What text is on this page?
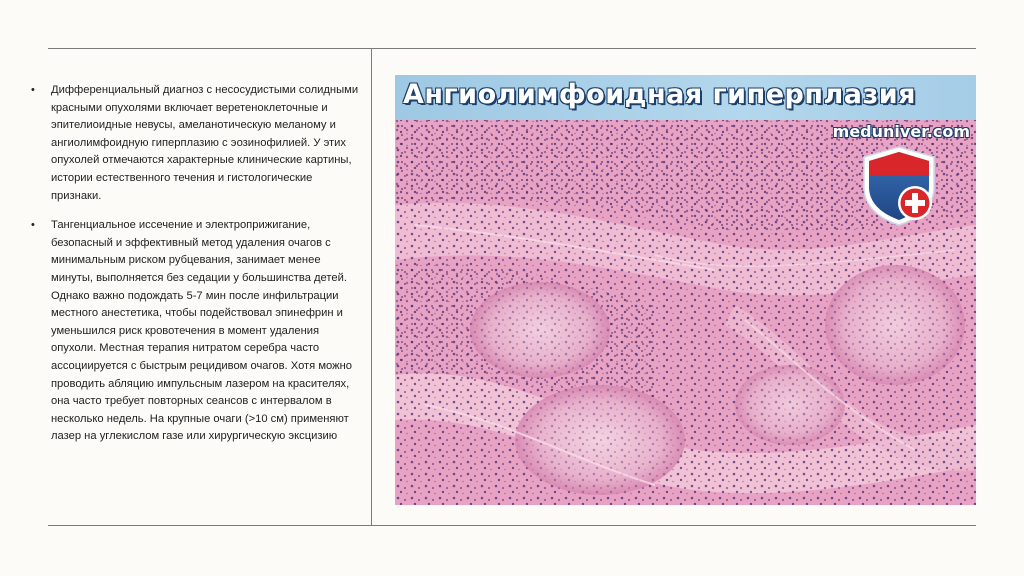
• Дифференциальный диагноз с несосудистыми солидными красными опухолями включает веретеноклеточные и эпителиоидные невусы, амеланотическую меланому и ангиолимфоидную гиперплазию с эозинофилией. У этих опухолей отмечаются характерные клинические картины, истории естественного течения и гистологические признаки.
• Тангенциальное иссечение и электроприжигание, безопасный и эффективный метод удаления очагов с минимальным риском рубцевания, занимает менее минуты, выполняется без седации у большинства детей. Однако важно подождать 5-7 мин после инфильтрации местного анестетика, чтобы подействовал эпинефрин и уменьшился риск кровотечения в момент удаления опухоли. Местная терапия нитратом серебра часто ассоциируется с быстрым рецидивом очагов. Хотя можно проводить абляцию импульсным лазером на красителях, она часто требует повторных сеансов с интервалом в несколько недель. На крупные очаги (>10 см) применяют лазер на углекислом газе или хирургическую эксцизию
Ангиолимфоидная гиперплазия
meduniver.com
